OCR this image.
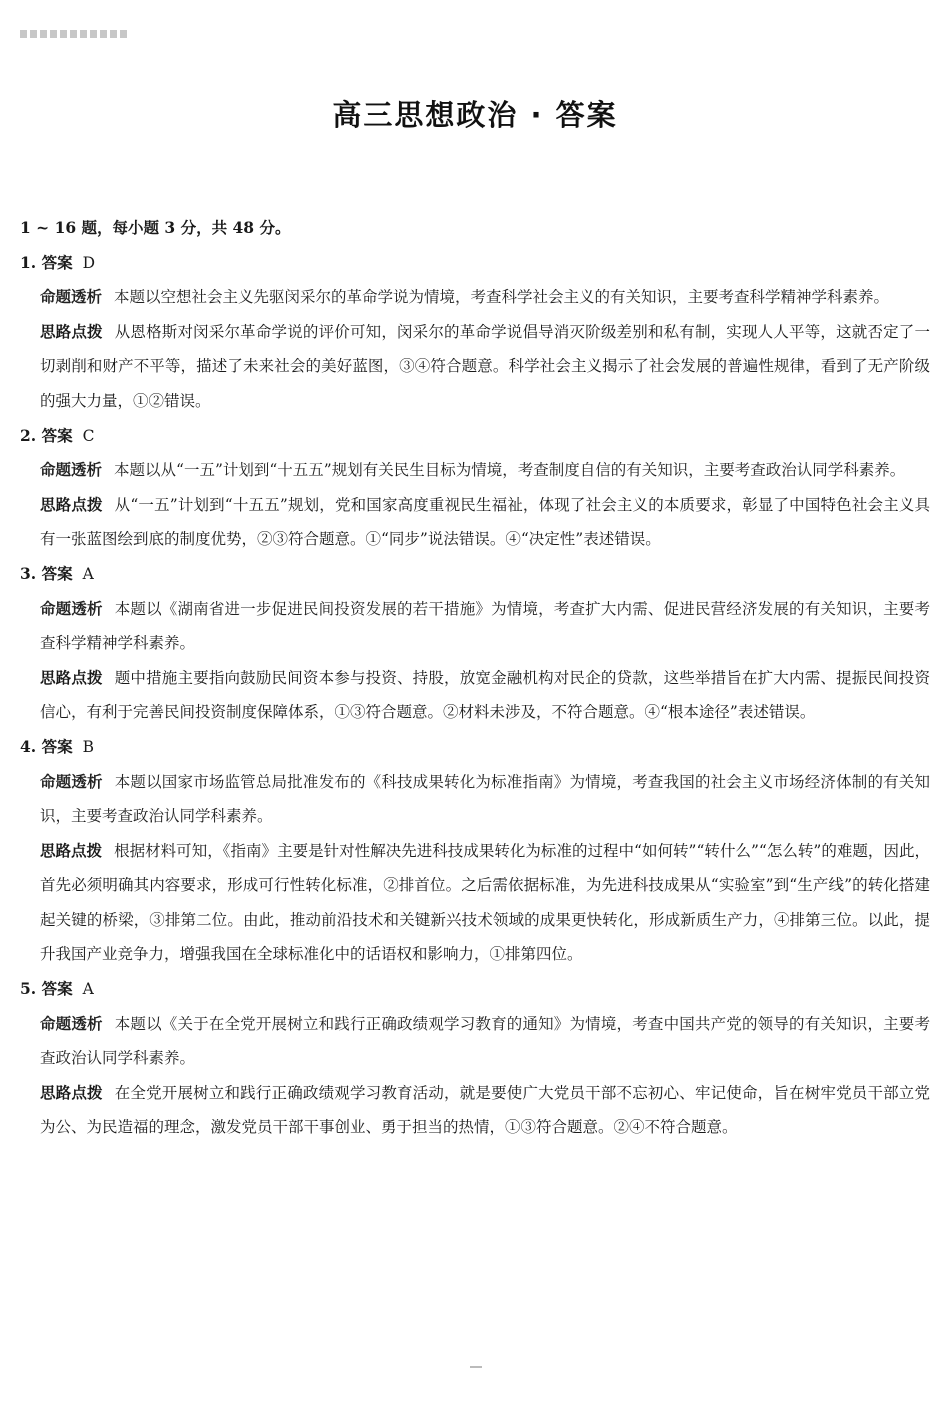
高三思想政治 · 答案
1 ~ 16 题，每小题 3 分，共 48 分。
1. 答案 D
命题透析 本题以空想社会主义先驱闵采尔的革命学说为情境，考查科学社会主义的有关知识，主要考查科学精神学科素养。
思路点拨 从恩格斯对闵采尔革命学说的评价可知，闵采尔的革命学说倡导消灭阶级差别和私有制，实现人人平等，这就否定了一切剥削和财产不平等，描述了未来社会的美好蓝图，③④符合题意。科学社会主义揭示了社会发展的普遍性规律，看到了无产阶级的强大力量，①②错误。
2. 答案 C
命题透析 本题以从“一五”计划到“十五五”规划有关民生目标为情境，考查制度自信的有关知识，主要考查政治认同学科素养。
思路点拨 从“一五”计划到“十五五”规划，党和国家高度重视民生福祉，体现了社会主义的本质要求，彰显了中国特色社会主义具有一张蓝图绘到底的制度优势，②③符合题意。①“同步”说法错误。④“决定性”表述错误。
3. 答案 A
命题透析 本题以《湖南省进一步促进民间投资发展的若干措施》为情境，考查扩大内需、促进民营经济发展的有关知识，主要考查科学精神学科素养。
思路点拨 题中措施主要指向鼓励民间资本参与投资、持股，放宽金融机构对民企的贷款，这些举措旨在扩大内需、提振民间投资信心，有利于完善民间投资制度保障体系，①③符合题意。②材料未涉及，不符合题意。④“根本途径”表述错误。
4. 答案 B
命题透析 本题以国家市场监管总局批准发布的《科技成果转化为标准指南》为情境，考查我国的社会主义市场经济体制的有关知识，主要考查政治认同学科素养。
思路点拨 根据材料可知，《指南》主要是针对性解决先进科技成果转化为标准的过程中“如何转”“转什么”“怎么转”的难题，因此，首先必须明确其内容要求，形成可行性转化标准，②排首位。之后需依据标准，为先进科技成果从“实验室”到“生产线”的转化搭建起关键的桥梁，③排第二位。由此，推动前沿技术和关键新兴技术领域的成果更快转化，形成新质生产力，④排第三位。以此，提升我国产业竞争力，增强我国在全球标准化中的话语权和影响力，①排第四位。
5. 答案 A
命题透析 本题以《关于在全党开展树立和践行正确政绩观学习教育的通知》为情境，考查中国共产党的领导的有关知识，主要考查政治认同学科素养。
思路点拨 在全党开展树立和践行正确政绩观学习教育活动，就是要使广大党员干部不忘初心、牢记使命，旨在树牢党员干部立党为公、为民造福的理念，激发党员干部干事创业、勇于担当的热情，①③符合题意。②④不符合题意。
